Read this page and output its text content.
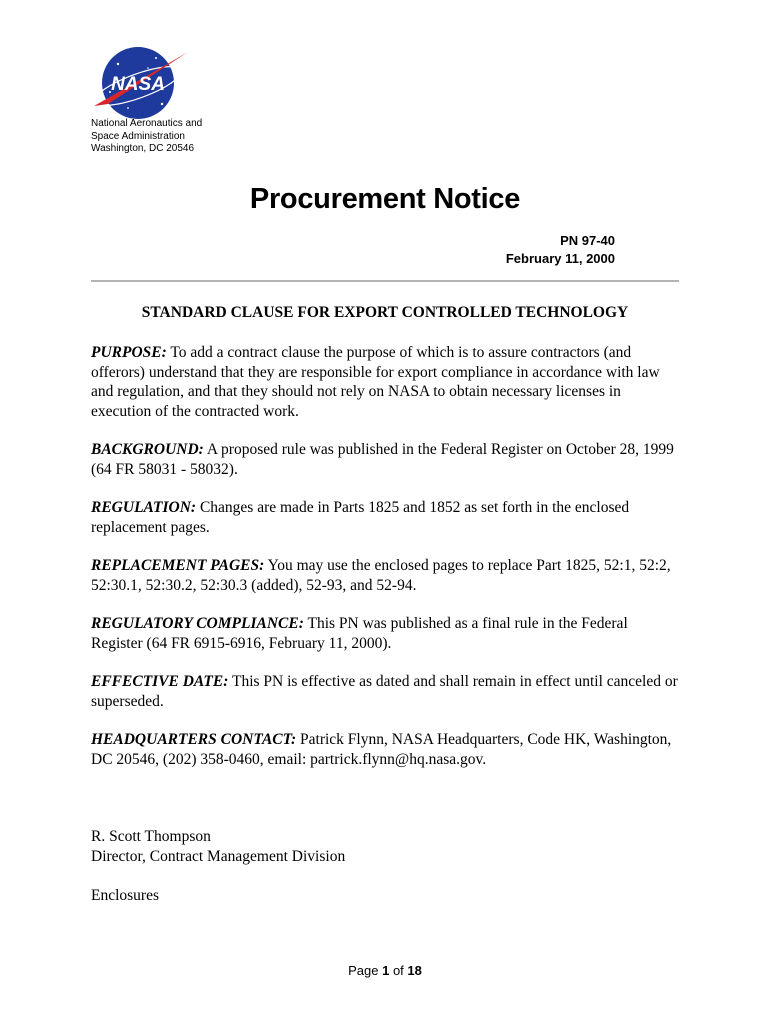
NASA
National Aeronautics and
Space Administration
Washington, DC 20546
Procurement Notice
PN 97-40
February 11, 2000
STANDARD CLAUSE FOR EXPORT CONTROLLED TECHNOLOGY

PURPOSE: To add a contract clause the purpose of which is to assure contractors (and offerors) understand that they are responsible for export compliance in accordance with law and regulation, and that they should not rely on NASA to obtain necessary licenses in execution of the contracted work.

BACKGROUND: A proposed rule was published in the Federal Register on October 28, 1999 (64 FR 58031 - 58032).

REGULATION: Changes are made in Parts 1825 and 1852 as set forth in the enclosed replacement pages.

REPLACEMENT PAGES: You may use the enclosed pages to replace Part 1825, 52:1, 52:2, 52:30.1, 52:30.2, 52:30.3 (added), 52-93, and 52-94.

REGULATORY COMPLIANCE: This PN was published as a final rule in the Federal Register (64 FR 6915-6916, February 11, 2000).

EFFECTIVE DATE: This PN is effective as dated and shall remain in effect until canceled or superseded.

HEADQUARTERS CONTACT: Patrick Flynn, NASA Headquarters, Code HK, Washington, DC 20546, (202) 358-0460, email: partrick.flynn@hq.nasa.gov.

R. Scott Thompson
Director, Contract Management Division
Enclosures
Page 1 of 18
